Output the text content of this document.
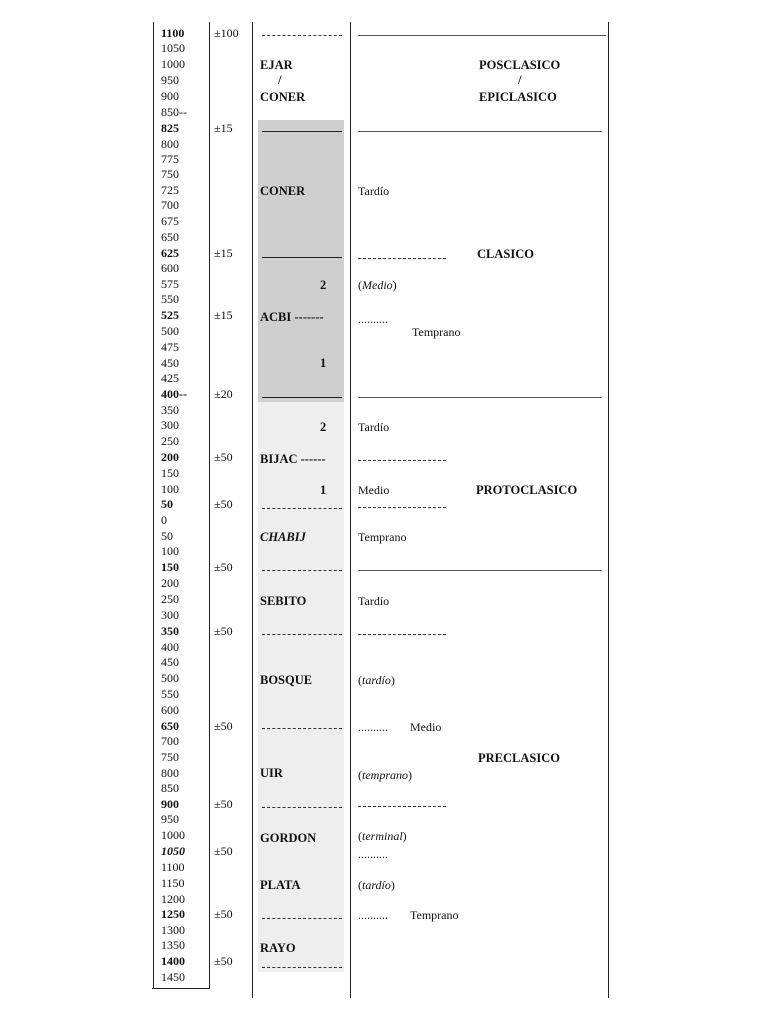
1100
1050
1000
950
900
850--
825
800
775
750
725
700
675
650
625
600
575
550
525
500
475
450
425
400--
350
300
250
200
150
100
50
0
50
100
150
200
250
300
350
400
450
500
550
600
650
700
750
800
850
900
950
1000
1050
1100
1150
1200
1250
1300
1350
1400
1450
±100
±15
±15
±15
±20
±50
±50
±50
±50
±50
±50
±50
±50
±50
EJAR
/
CONER
CONER
2
ACBI -------
1
2
BIJAC ------
1
CHABIJ
SEBITO
BOSQUE
UIR
GORDON
PLATA
RAYO
Tardío
(Medio)
..........
Temprano
Tardío
Medio
Temprano
Tardío
(tardío)
.......... Medio
(temprano)
(terminal)
..........
(tardío)
.......... Temprano
POSCLASICO
/
EPICLASICO
CLASICO
PROTOCLASICO
PRECLASICO
